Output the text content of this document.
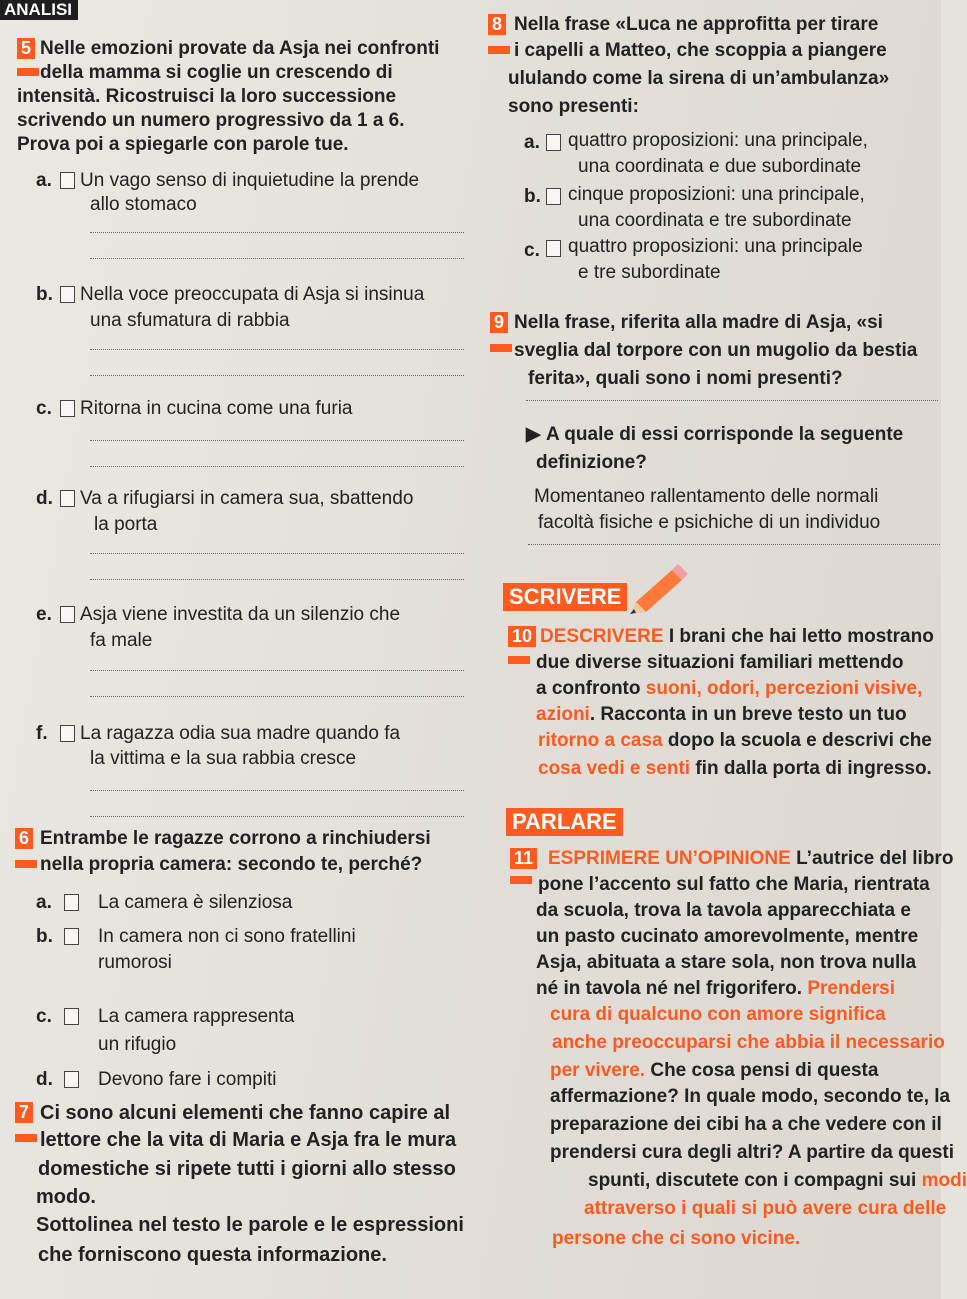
ANALISI
5 Nelle emozioni provate da Asja nei confronti
della mamma si coglie un crescendo di
intensità. Ricostruisci la loro successione
scrivendo un numero progressivo da 1 a 6.
Prova poi a spiegarle con parole tue.
a. Un vago senso di inquietudine la prende
allo stomaco
b. Nella voce preoccupata di Asja si insinua
una sfumatura di rabbia
c. Ritorna in cucina come una furia
d. Va a rifugiarsi in camera sua, sbattendo
la porta
e. Asja viene investita da un silenzio che
fa male
f. La ragazza odia sua madre quando fa
la vittima e la sua rabbia cresce
6 Entrambe le ragazze corrono a rinchiudersi
nella propria camera: secondo te, perché?
a. La camera è silenziosa
b. In camera non ci sono fratellini
rumorosi
c. La camera rappresenta
un rifugio
d. Devono fare i compiti
7 Ci sono alcuni elementi che fanno capire al
lettore che la vita di Maria e Asja fra le mura
domestiche si ripete tutti i giorni allo stesso
modo.
Sottolinea nel testo le parole e le espressioni
che forniscono questa informazione.
8 Nella frase «Luca ne approfitta per tirare
i capelli a Matteo, che scoppia a piangere
ululando come la sirena di un’ambulanza»
sono presenti:
a. quattro proposizioni: una principale,
una coordinata e due subordinate
b. cinque proposizioni: una principale,
una coordinata e tre subordinate
c. quattro proposizioni: una principale
e tre subordinate
9 Nella frase, riferita alla madre di Asja, «si
sveglia dal torpore con un mugolio da bestia
ferita», quali sono i nomi presenti?
▶ A quale di essi corrisponde la seguente
definizione?
Momentaneo rallentamento delle normali
facoltà fisiche e psichiche di un individuo
SCRIVERE
10 DESCRIVERE I brani che hai letto mostrano
due diverse situazioni familiari mettendo
a confronto suoni, odori, percezioni visive,
azioni. Racconta in un breve testo un tuo
ritorno a casa dopo la scuola e descrivi che
cosa vedi e senti fin dalla porta di ingresso.
PARLARE
11 ESPRIMERE UN’OPINIONE L’autrice del libro
pone l’accento sul fatto che Maria, rientrata
da scuola, trova la tavola apparecchiata e
un pasto cucinato amorevolmente, mentre
Asja, abituata a stare sola, non trova nulla
né in tavola né nel frigorifero. Prendersi
cura di qualcuno con amore significa
anche preoccuparsi che abbia il necessario
per vivere. Che cosa pensi di questa
affermazione? In quale modo, secondo te, la
preparazione dei cibi ha a che vedere con il
prendersi cura degli altri? A partire da questi
spunti, discutete con i compagni sui modi
attraverso i quali si può avere cura delle
persone che ci sono vicine.
